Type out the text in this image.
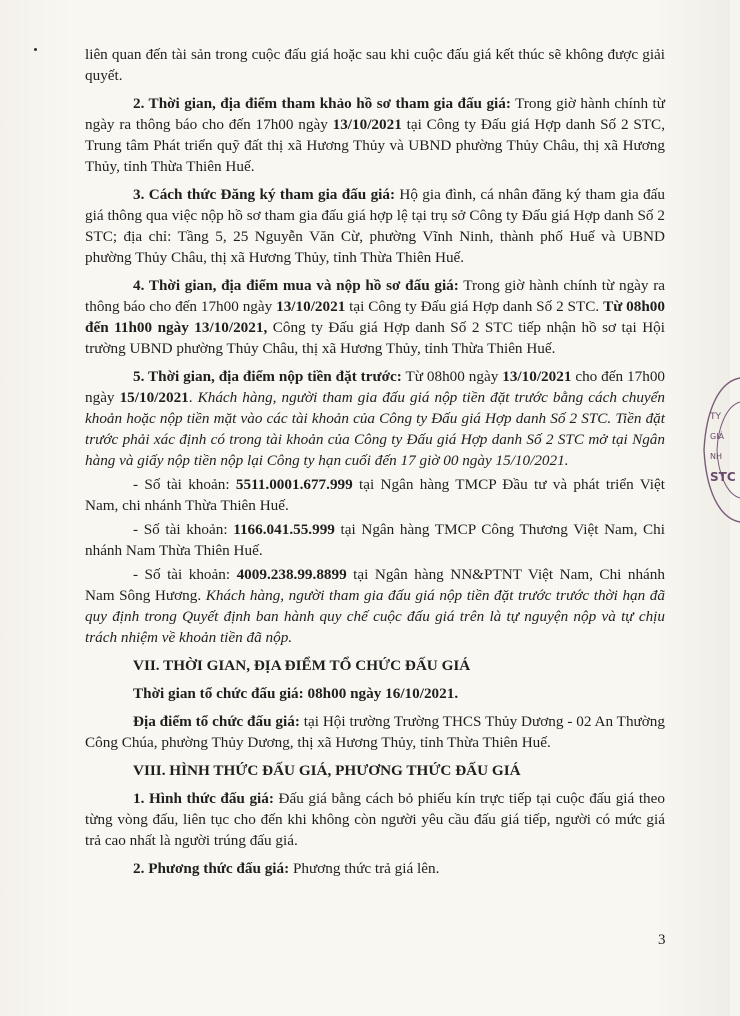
liên quan đến tài sản trong cuộc đấu giá hoặc sau khi cuộc đấu giá kết thúc sẽ không được giải quyết.

2. Thời gian, địa điểm tham khảo hồ sơ tham gia đấu giá: Trong giờ hành chính từ ngày ra thông báo cho đến 17h00 ngày 13/10/2021 tại Công ty Đấu giá Hợp danh Số 2 STC, Trung tâm Phát triển quỹ đất thị xã Hương Thủy và UBND phường Thủy Châu, thị xã Hương Thủy, tỉnh Thừa Thiên Huế.

3. Cách thức Đăng ký tham gia đấu giá: Hộ gia đình, cá nhân đăng ký tham gia đấu giá thông qua việc nộp hồ sơ tham gia đấu giá hợp lệ tại trụ sở Công ty Đấu giá Hợp danh Số 2 STC; địa chỉ: Tầng 5, 25 Nguyễn Văn Cừ, phường Vĩnh Ninh, thành phố Huế và UBND phường Thủy Châu, thị xã Hương Thủy, tỉnh Thừa Thiên Huế.

4. Thời gian, địa điểm mua và nộp hồ sơ đấu giá: Trong giờ hành chính từ ngày ra thông báo cho đến 17h00 ngày 13/10/2021 tại Công ty Đấu giá Hợp danh Số 2 STC. Từ 08h00 đến 11h00 ngày 13/10/2021, Công ty Đấu giá Hợp danh Số 2 STC tiếp nhận hồ sơ tại Hội trường UBND phường Thủy Châu, thị xã Hương Thủy, tỉnh Thừa Thiên Huế.

5. Thời gian, địa điểm nộp tiền đặt trước: Từ 08h00 ngày 13/10/2021 cho đến 17h00 ngày 15/10/2021. Khách hàng, người tham gia đấu giá nộp tiền đặt trước bằng cách chuyển khoản hoặc nộp tiền mặt vào các tài khoản của Công ty Đấu giá Hợp danh Số 2 STC. Tiền đặt trước phải xác định có trong tài khoản của Công ty Đấu giá Hợp danh Số 2 STC mở tại Ngân hàng và giấy nộp tiền nộp lại Công ty hạn cuối đến 17 giờ 00 ngày 15/10/2021.

- Số tài khoản: 5511.0001.677.999 tại Ngân hàng TMCP Đầu tư và phát triển Việt Nam, chi nhánh Thừa Thiên Huế.

- Số tài khoản: 1166.041.55.999 tại Ngân hàng TMCP Công Thương Việt Nam, Chi nhánh Nam Thừa Thiên Huế.

- Số tài khoản: 4009.238.99.8899 tại Ngân hàng NN&PTNT Việt Nam, Chi nhánh Nam Sông Hương. Khách hàng, người tham gia đấu giá nộp tiền đặt trước trước thời hạn đã quy định trong Quyết định ban hành quy chế cuộc đấu giá trên là tự nguyện nộp và tự chịu trách nhiệm về khoản tiền đã nộp.

VII. THỜI GIAN, ĐỊA ĐIỂM TỔ CHỨC ĐẤU GIÁ

Thời gian tổ chức đấu giá: 08h00 ngày 16/10/2021.

Địa điểm tổ chức đấu giá: tại Hội trường Trường THCS Thủy Dương - 02 An Thường Công Chúa, phường Thủy Dương, thị xã Hương Thủy, tỉnh Thừa Thiên Huế.

VIII. HÌNH THỨC ĐẤU GIÁ, PHƯƠNG THỨC ĐẤU GIÁ

1. Hình thức đấu giá: Đấu giá bằng cách bỏ phiếu kín trực tiếp tại cuộc đấu giá theo từng vòng đấu, liên tục cho đến khi không còn người yêu cầu đấu giá tiếp, người có mức giá trả cao nhất là người trúng đấu giá.

2. Phương thức đấu giá: Phương thức trả giá lên.

TY
GIÁ
NH
STC
3
